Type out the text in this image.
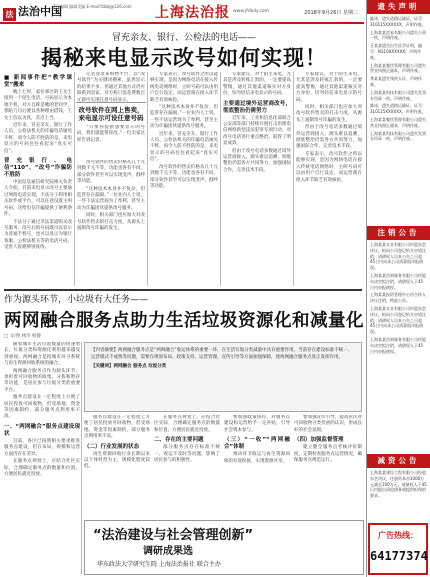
法 法治中国
责任编辑 编辑美编 E-mail:fzbbj@126.com	上海法治报 www.jfdaily.com	2018年9月26日 星期三
冒充亲友、银行、公检法的电话——
揭秘来电显示改号如何实现！

■ 新闻事件把“教学课堂”搬来

晚上七时，家住郊区的王女士接到一个陌生电话，号码显示为本地手机，对方自称是她的老同学，寒暄几句后便以各种理由借钱，王女士信以为真，差点上当。

近年来，冒充亲友、银行工作人员、公检法机关的诈骗电话屡见不鲜，而令人防不胜防的是，来电显示的号码往往看起来“真实可信”。

冒充银行、电信“110”、“改号”诈骗防不胜防

中国信息通信研究院相关负责人介绍，目前来电显示改号主要通过网络电话实现，不法分子利用相关软件或平台，可以任意设置主叫号码，这给电信诈骗提供了便利条件。

不法分子通过非法渠道购买改号服务，改号后的号码既可以显示为普通手机号，也可以显示为银行客服、公检法机关等的电话号码，受害人很难辨别真伪。

记者登录某购物平台，以“改号软件”为关键词搜索，虽然显示的结果不多，但通过其他方式仍可联系到卖家，对方称只需花费数百元即可实现任意号码显示。

改号软件在网上售卖，来电显示可设任意号码

“只要你提供想要显示的号码，我们就能帮你改。”一位卖家这样告诉记者。

改号软件的售卖价格从几十元到数千元不等，功能也各有不同，部分软件甚至可以实现变声、群呼等功能。

“这种技术本身并不复杂，但监管存在漏洞。”一位业内人士说，一些不法运营商为了牟利，甚至主动为诈骗团伙提供改号服务。

同时，相关部门也应加大对改号软件售卖的打击力度，从源头上遏制改号诈骗的发生。

专家表示，改号软件之所以能够实现，是因为网络电话在接入传统电话网络时，主叫号码可以由用户自行设定，而运营商在接入环节缺乏有效核验。

“这种技术本身并不复杂，但监管存在漏洞。”一位业内人士说，一些不法运营商为了牟利，甚至主动为诈骗团伙提供改号服务。

近年来，冒充亲友、银行工作人员、公检法机关的诈骗电话屡见不鲜，而令人防不胜防的是，来电显示的号码往往看起来“真实可信”。

改号软件的售卖价格从几十元到数千元不等，功能也各有不同，部分软件甚至可以实现变声、群呼等功能。

专家建议，对于陌生来电，尤其是涉及转账汇款的，一定要提高警惕，通过其他渠道核实对方身份，切勿轻信来电显示的号码。

主要通过境外运营商改号，彻底整治仍需努力

近年来，工业和信息化部联合公安部等部门持续开展打击治理电信网络新型违法犯罪专项行动，对改号电话进行重点整治，取得了明显成效。

但由于改号电话多数通过境外运营商接入，源头难以追溯，彻底整治仍需各方共同努力，加强国际合作，完善技术手段。

专家建议，对于陌生来电，尤其是涉及转账汇款的，一定要提高警惕，通过其他渠道核实对方身份，切勿轻信来电显示的号码。

同时，相关部门也应加大对改号软件售卖的打击力度，从源头上遏制改号诈骗的发生。

但由于改号电话多数通过境外运营商接入，源头难以追溯，彻底整治仍需各方共同努力，加强国际合作，完善技术手段。

专家表示，改号软件之所以能够实现，是因为网络电话在接入传统电话网络时，主叫号码可以由用户自行设定，而运营商在接入环节缺乏有效核验。

作为源头环节，小垃圾有大任务——
两网融合服务点助力生活垃圾资源化和减量化
□ 文/图 林洋 杨静

随着城市生活垃圾数量的快速增长，垃圾分类和资源化利用越来越受到重视。两网融合是指城市环卫系统与再生资源回收系统的融合。

两网融合服务点作为源头环节，承担着可回收物的收集、分拣和暂存等功能，是居民参与垃圾分类的重要平台。

服务点建设在一定程度上方便了居民投放可回收物，但受场地、资金等因素制约，部分服务点利用率不高。

一、“两网融合”服务点建设现状

目前，各区已按照相关要求推进服务点建设，但在布局、规模和运营方面仍存在差异。

在服务点规划上，应结合社区实际，合理确定服务点的数量和位置，方便居民就近投放。

【内容摘要】两网融合服务点是“两网融合”收运体系的重要一环，在生活垃圾分类减量中具有重要作用。当前存在建设标准不统一、运营模式不成熟等问题，需要在规划布局、政策支持、运营管理、宣传引导等方面加强保障，使两网融合服务点真正发挥作用。
【关键词】两网融合 服务点 垃圾分类

服务点建设在一定程度上方便了居民投放可回收物，但受场地、资金等因素制约，部分服务点利用率不高。

（二）行业发展的状态

再生资源回收行业长期以来以个体经营为主，规模化程度较低。

在服务点规划上，应结合社区实际，合理确定服务点的数量和位置，方便居民就近投放。

二、存在的主要问题

部分服务点存在标准不统一、收运不及时等问题，影响了居民参与的积极性。

要加强政策扶持，对服务点建设和运营给予一定补贴，引导社会资本参与。

（三）“一收”“两网融合”体制

推动环卫收运与再生资源回收的有效衔接，实现资源共享。

要加强宣传引导，提高居民对可回收物分类投放的认识，形成良好的社会氛围。

（四）加强监督管理

建立健全服务点考核评价制度，定期检查服务点运营情况，确保服务点规范运行。

“法治建设与社会管理创新”
调研成果选
华东政法大学研究生院 上海法治报社 联合主办
遗失声明
陈涛，遗失道路运输证，证号：310115XXXXXX，声明作废。
上海某某贸易有限公司遗失公章一枚，声明作废。
王某某遗失出生医学证明，编号：N310XXXXXX，声明作废。
上海某某餐饮管理有限公司遗失营业执照正副本，声明作废。
李某某遗失残疾人证，声明作废。
上海某某科技有限公司遗失发票专用章一枚，声明作废。
陈涛，遗失道路运输证，证号：310115XXXXXX，声明作废。
上海某某餐饮管理有限公司遗失营业执照正副本，声明作废。
上海某某科技有限公司遗失发票专用章一枚，声明作废。
注销公告
上海某某实业有限公司经股东会决议，拟向公司登记机关申请注销，请债权人自本公告之日起45日内向本公司清算组申报债权。
上海某某咨询服务有限公司经股东决定拟注销，请债权人于45日内申报债权。
上海某某投资管理中心经合伙人决议注销，特此公告。
上海某某实业有限公司经股东会决议，拟向公司登记机关申请注销，请债权人自本公告之日起45日内向本公司清算组申报债权。
上海某某咨询服务有限公司经股东决定拟注销，请债权人于45日内申报债权。
减资公告
上海某某建设工程有限公司经股东会决议，注册资本由1000万元减至100万元，请债权人于45日内提出清偿债务或提供担保的要求。
广告热线：
64177374
